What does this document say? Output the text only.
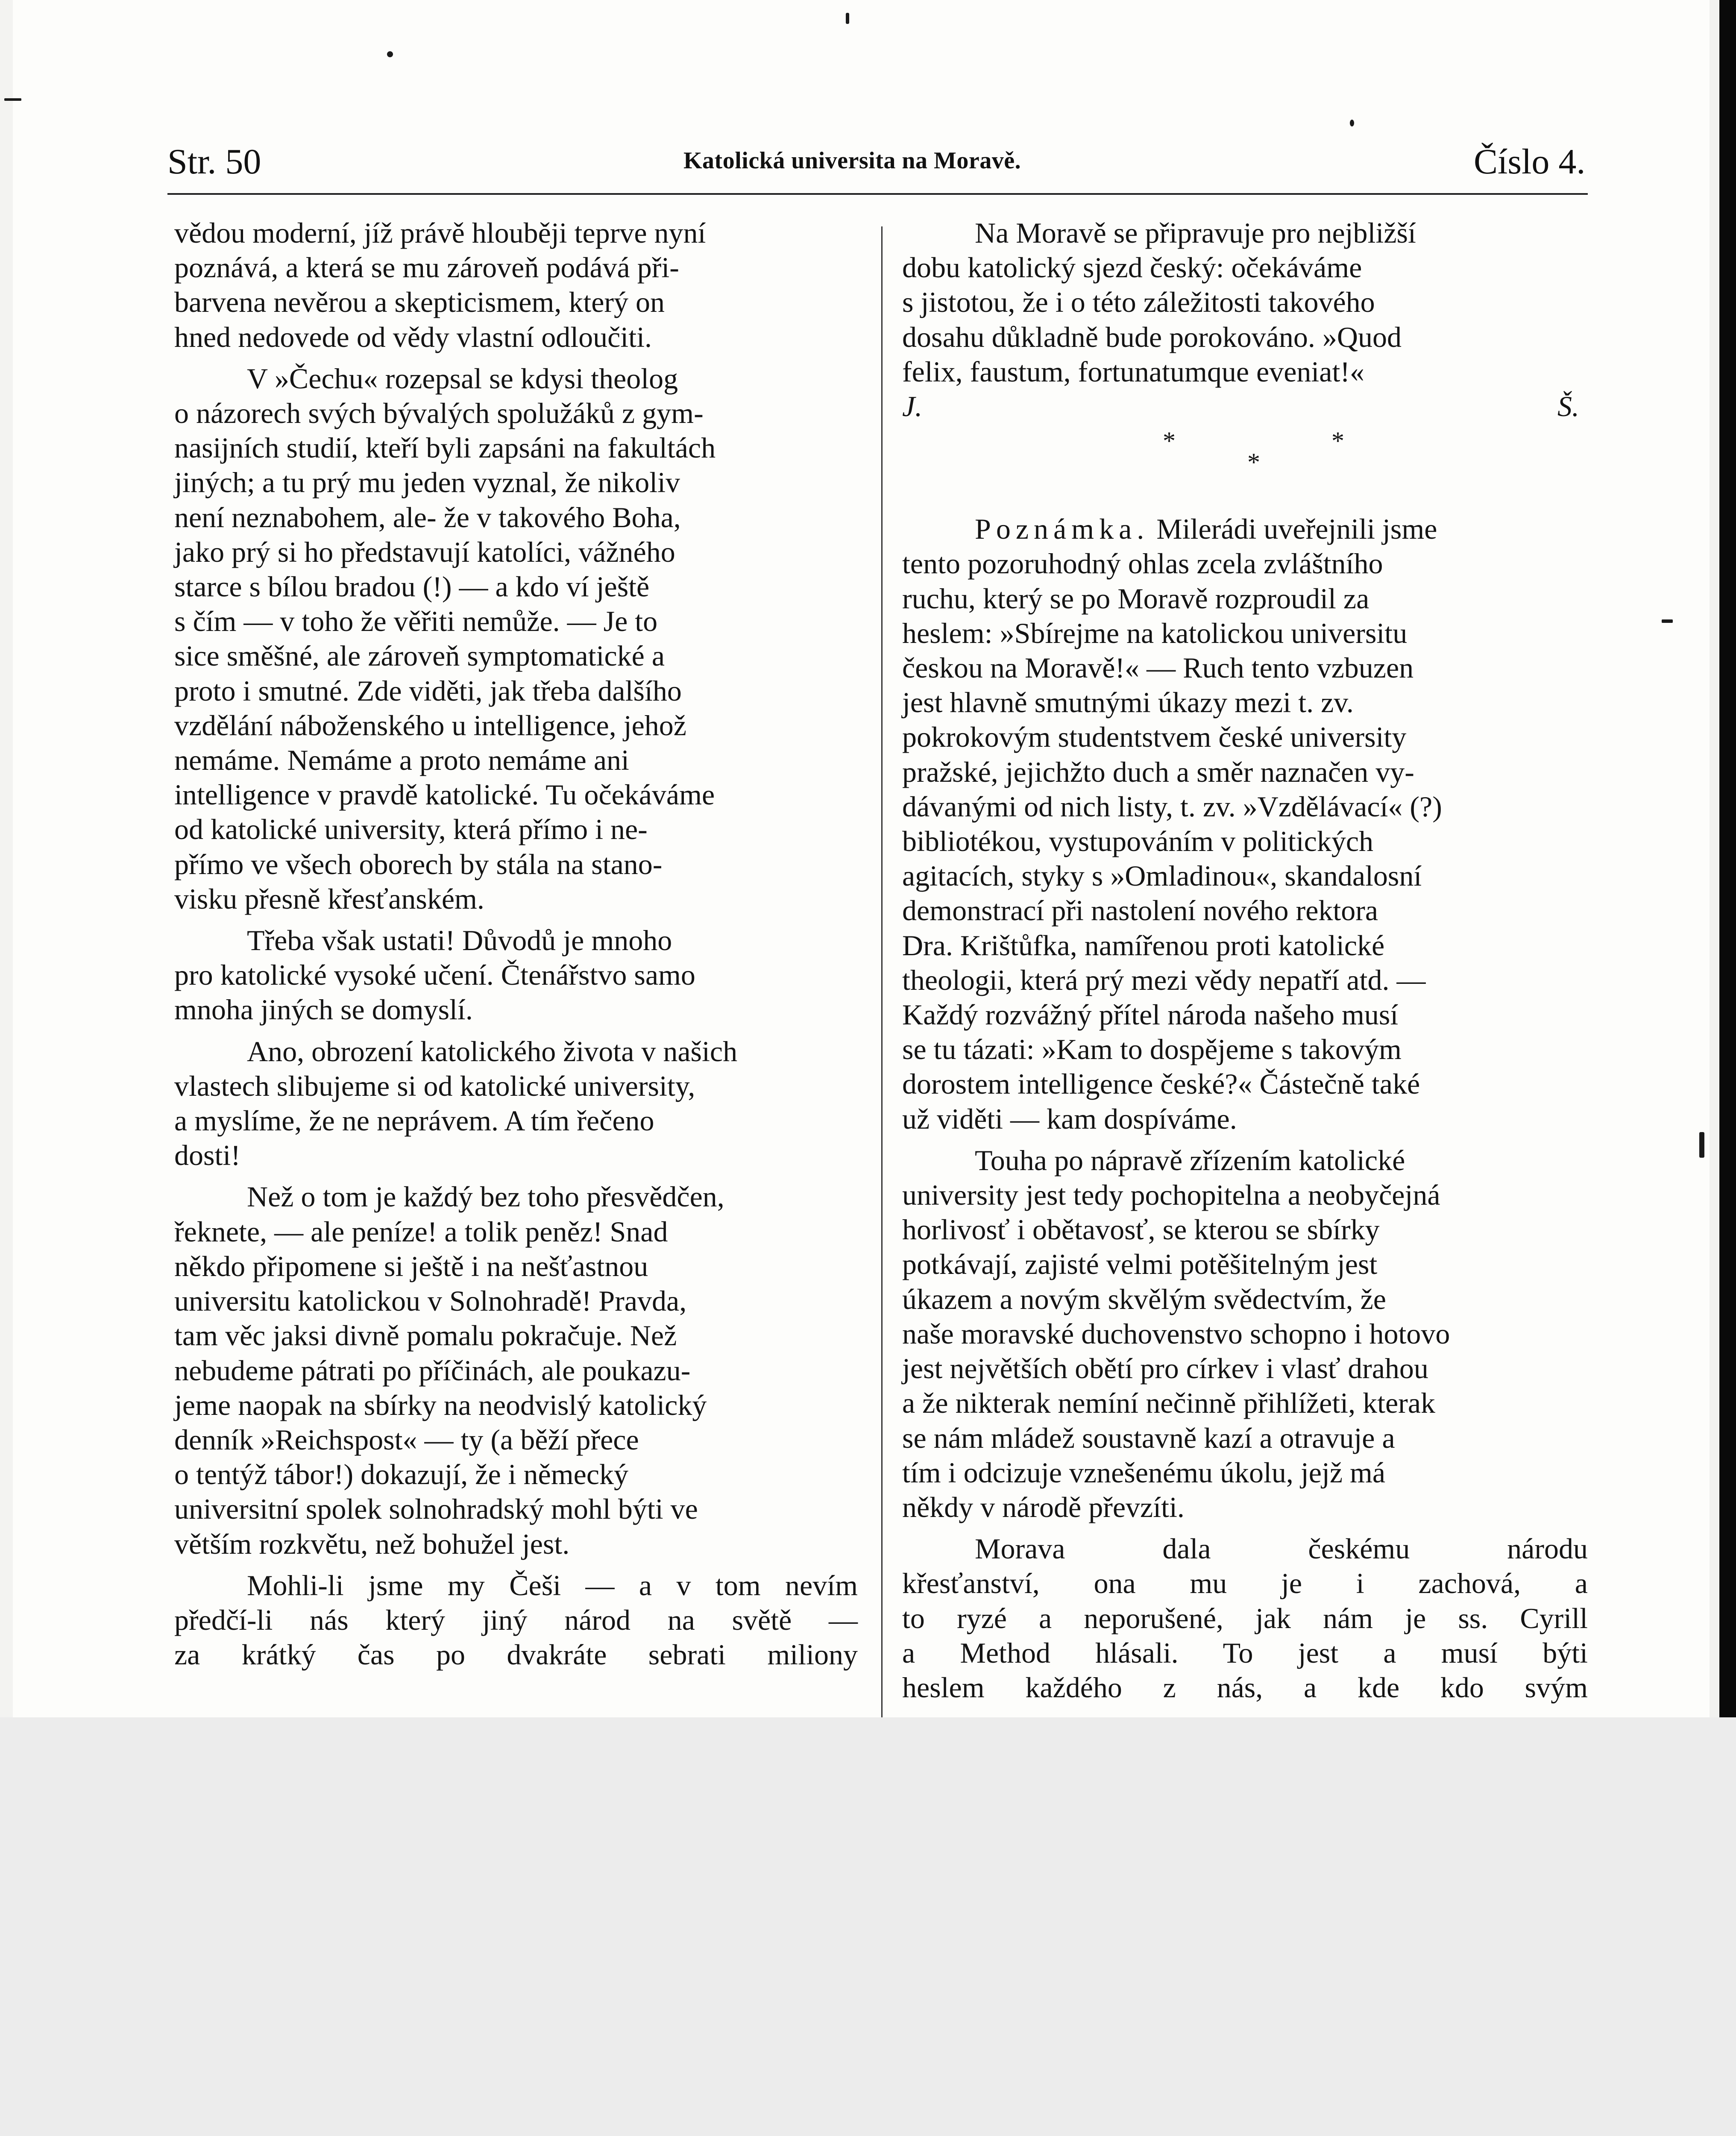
Str. 50	Katolická universita na Moravě.	Číslo 4.

vědou moderní, jíž právě hlouběji teprve nyní
poznává, a která se mu zároveň podává při-
barvena nevěrou a skepticismem, který on
hned nedovede od vědy vlastní odloučiti.

V »Čechu« rozepsal se kdysi theolog
o názorech svých bývalých spolužáků z gym-
nasijních studií, kteří byli zapsáni na fakultách
jiných; a tu prý mu jeden vyznal, že nikoliv
není neznabohem, ale- že v takového Boha,
jako prý si ho představují katolíci, vážného
starce s bílou bradou (!) — a kdo ví ještě
s čím — v toho že věřiti nemůže. — Je to
sice směšné, ale zároveň symptomatické a
proto i smutné. Zde viděti, jak třeba dalšího
vzdělání náboženského u intelligence, jehož
nemáme. Nemáme a proto nemáme ani
intelligence v pravdě katolické. Tu očekáváme
od katolické university, která přímo i ne-
přímo ve všech oborech by stála na stano-
visku přesně křesťanském.

Třeba však ustati! Důvodů je mnoho
pro katolické vysoké učení. Čtenářstvo samo
mnoha jiných se domyslí.

Ano, obrození katolického života v našich
vlastech slibujeme si od katolické university,
a myslíme, že ne neprávem. A tím řečeno
dosti!

Než o tom je každý bez toho přesvědčen,
řeknete, — ale peníze! a tolik peněz! Snad
někdo připomene si ještě i na nešťastnou
universitu katolickou v Solnohradě! Pravda,
tam věc jaksi divně pomalu pokračuje. Než
nebudeme pátrati po příčinách, ale poukazu-
jeme naopak na sbírky na neodvislý katolický
denník »Reichspost« — ty (a běží přece
o tentýž tábor!) dokazují, že i německý
universitní spolek solnohradský mohl býti ve
větším rozkvětu, než bohužel jest.

Mohli-li jsme my Češi — a v tom nevím
předčí-li nás který jiný národ na světě —
za krátký čas po dvakráte sebrati miliony

Na Moravě se připravuje pro nejbližší
dobu katolický sjezd český: očekáváme
s jistotou, že i o této záležitosti takového
dosahu důkladně bude porokováno. »Quod
felix, faustum, fortunatumque eveniat!«

J. Š.

*	*
*

Poznámka. Milerádi uveřejnili jsme
tento pozoruhodný ohlas zcela zvláštního
ruchu, který se po Moravě rozproudil za
heslem: »Sbírejme na katolickou universitu
českou na Moravě!« — Ruch tento vzbuzen
jest hlavně smutnými úkazy mezi t. zv.
pokrokovým studentstvem české university
pražské, jejichžto duch a směr naznačen vy-
dávanými od nich listy, t. zv. »Vzdělávací« (?)
bibliotékou, vystupováním v politických
agitacích, styky s »Omladinou«, skandalosní
demonstrací při nastolení nového rektora
Dra. Krištůfka, namířenou proti katolické
theologii, která prý mezi vědy nepatří atd. —
Každý rozvážný přítel národa našeho musí
se tu tázati: »Kam to dospějeme s takovým
dorostem intelligence české?« Částečně také
už viděti — kam dospíváme.

Touha po nápravě zřízením katolické
university jest tedy pochopitelna a neobyčejná
horlivosť i obětavosť, se kterou se sbírky
potkávají, zajisté velmi potěšitelným jest
úkazem a novým skvělým svědectvím, že
naše moravské duchovenstvo schopno i hotovo
jest největších obětí pro církev i vlasť drahou
a že nikterak nemíní nečinně přihlížeti, kterak
se nám mládež soustavně kazí a otravuje a
tím i odcizuje vznešenému úkolu, jejž má
někdy v národě převzíti.

Morava dala českému národu
křesťanství, ona mu je i zachová, a
to ryzé a neporušené, jak nám je ss. Cyrill
a Method hlásali. To jest a musí býti
heslem každého z nás, a kde kdo svým
